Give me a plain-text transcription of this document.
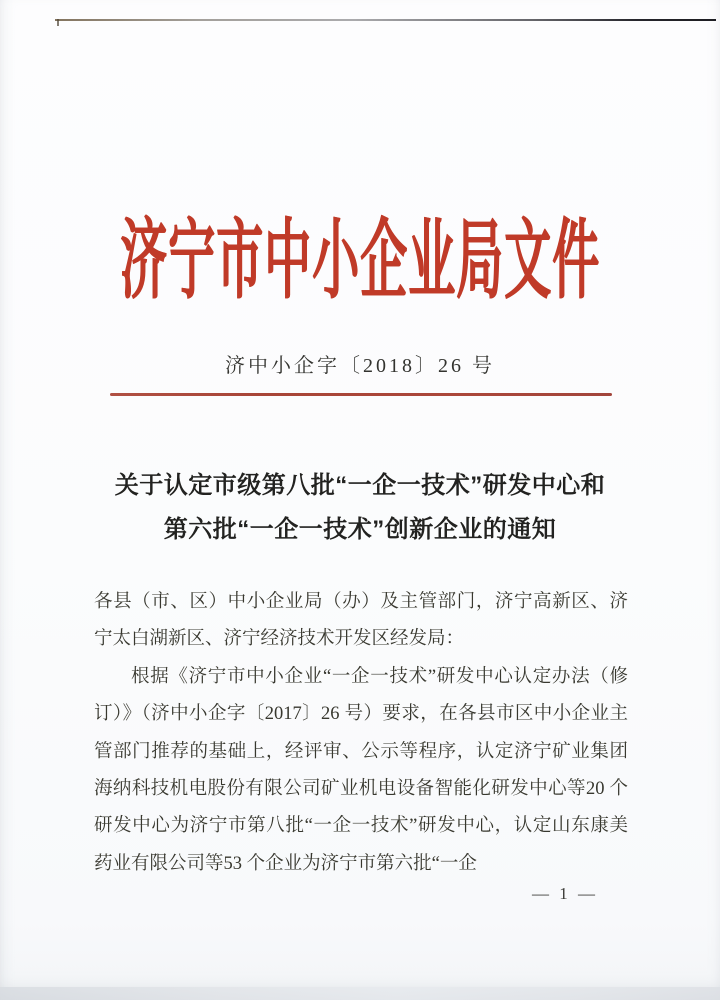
济宁市中小企业局文件
济中小企字〔2018〕26 号
关于认定市级第八批“一企一技术”研发中心和
第六批“一企一技术”创新企业的通知

各县（市、区）中小企业局（办）及主管部门，济宁高新区、济宁太白湖新区、济宁经济技术开发区经发局：

根据《济宁市中小企业“一企一技术”研发中心认定办法（修订）》（济中小企字〔2017〕26 号）要求，在各县市区中小企业主管部门推荐的基础上，经评审、公示等程序，认定济宁矿业集团海纳科技机电股份有限公司矿业机电设备智能化研发中心等20 个研发中心为济宁市第八批“一企一技术”研发中心，认定山东康美药业有限公司等53 个企业为济宁市第六批“一企

— 1 —
